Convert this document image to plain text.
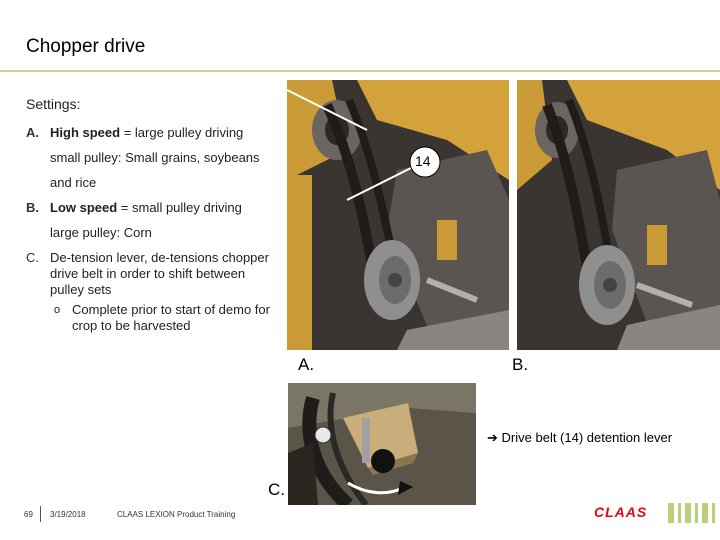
Chopper drive
Settings:
A. High speed = large pulley driving
small pulley: Small grains, soybeans
and rice
B. Low speed = small pulley driving
large pulley: Corn
C. De-tension lever, de-tensions chopper drive belt in order to shift between pulley sets
o Complete prior to start of demo for crop to be harvested
14
A.	B.
C.
➔ Drive belt (14) detention lever
69 3/19/2018	CLAAS LEXION Product Training	CLAAS
